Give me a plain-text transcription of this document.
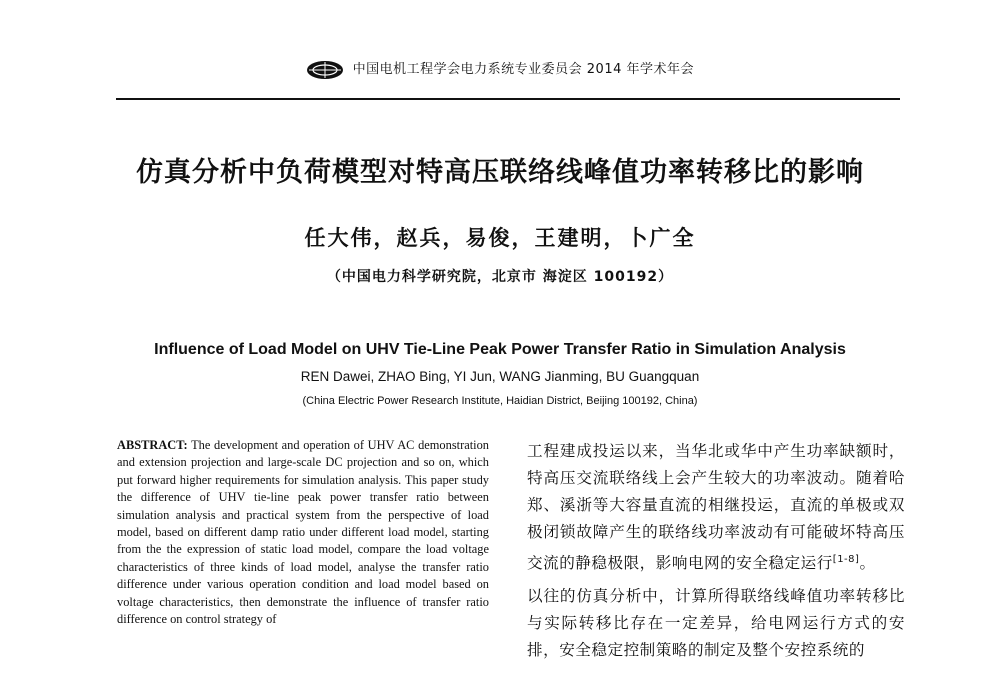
中国电机工程学会电力系统专业委员会 2014 年学术年会
仿真分析中负荷模型对特高压联络线峰值功率转移比的影响
任大伟，赵兵，易俊，王建明，卜广全
（中国电力科学研究院，北京市 海淀区 100192）
Influence of Load Model on UHV Tie-Line Peak Power Transfer Ratio in Simulation Analysis
REN Dawei, ZHAO Bing, YI Jun, WANG Jianming, BU Guangquan
(China Electric Power Research Institute, Haidian District, Beijing 100192, China)
ABSTRACT: The development and operation of UHV AC demonstration and extension projection and large-scale DC projection and so on, which put forward higher requirements for simulation analysis. This paper study the difference of UHV tie-line peak power transfer ratio between simulation analysis and practical system from the perspective of load model, based on different damp ratio under different load model, starting from the the expression of static load model, compare the load voltage characteristics of three kinds of load model, analyse the transfer ratio difference under various operation condition and load model based on voltage characteristics, then demonstrate the influence of transfer ratio difference on control strategy of

工程建成投运以来，当华北或华中产生功率缺额时，特高压交流联络线上会产生较大的功率波动。随着哈郑、溪浙等大容量直流的相继投运，直流的单极或双极闭锁故障产生的联络线功率波动有可能破坏特高压交流的静稳极限，影响电网的安全稳定运行[1-8]。

以往的仿真分析中，计算所得联络线峰值功率转移比与实际转移比存在一定差异，给电网运行方式的安排，安全稳定控制策略的制定及整个安控系统的
